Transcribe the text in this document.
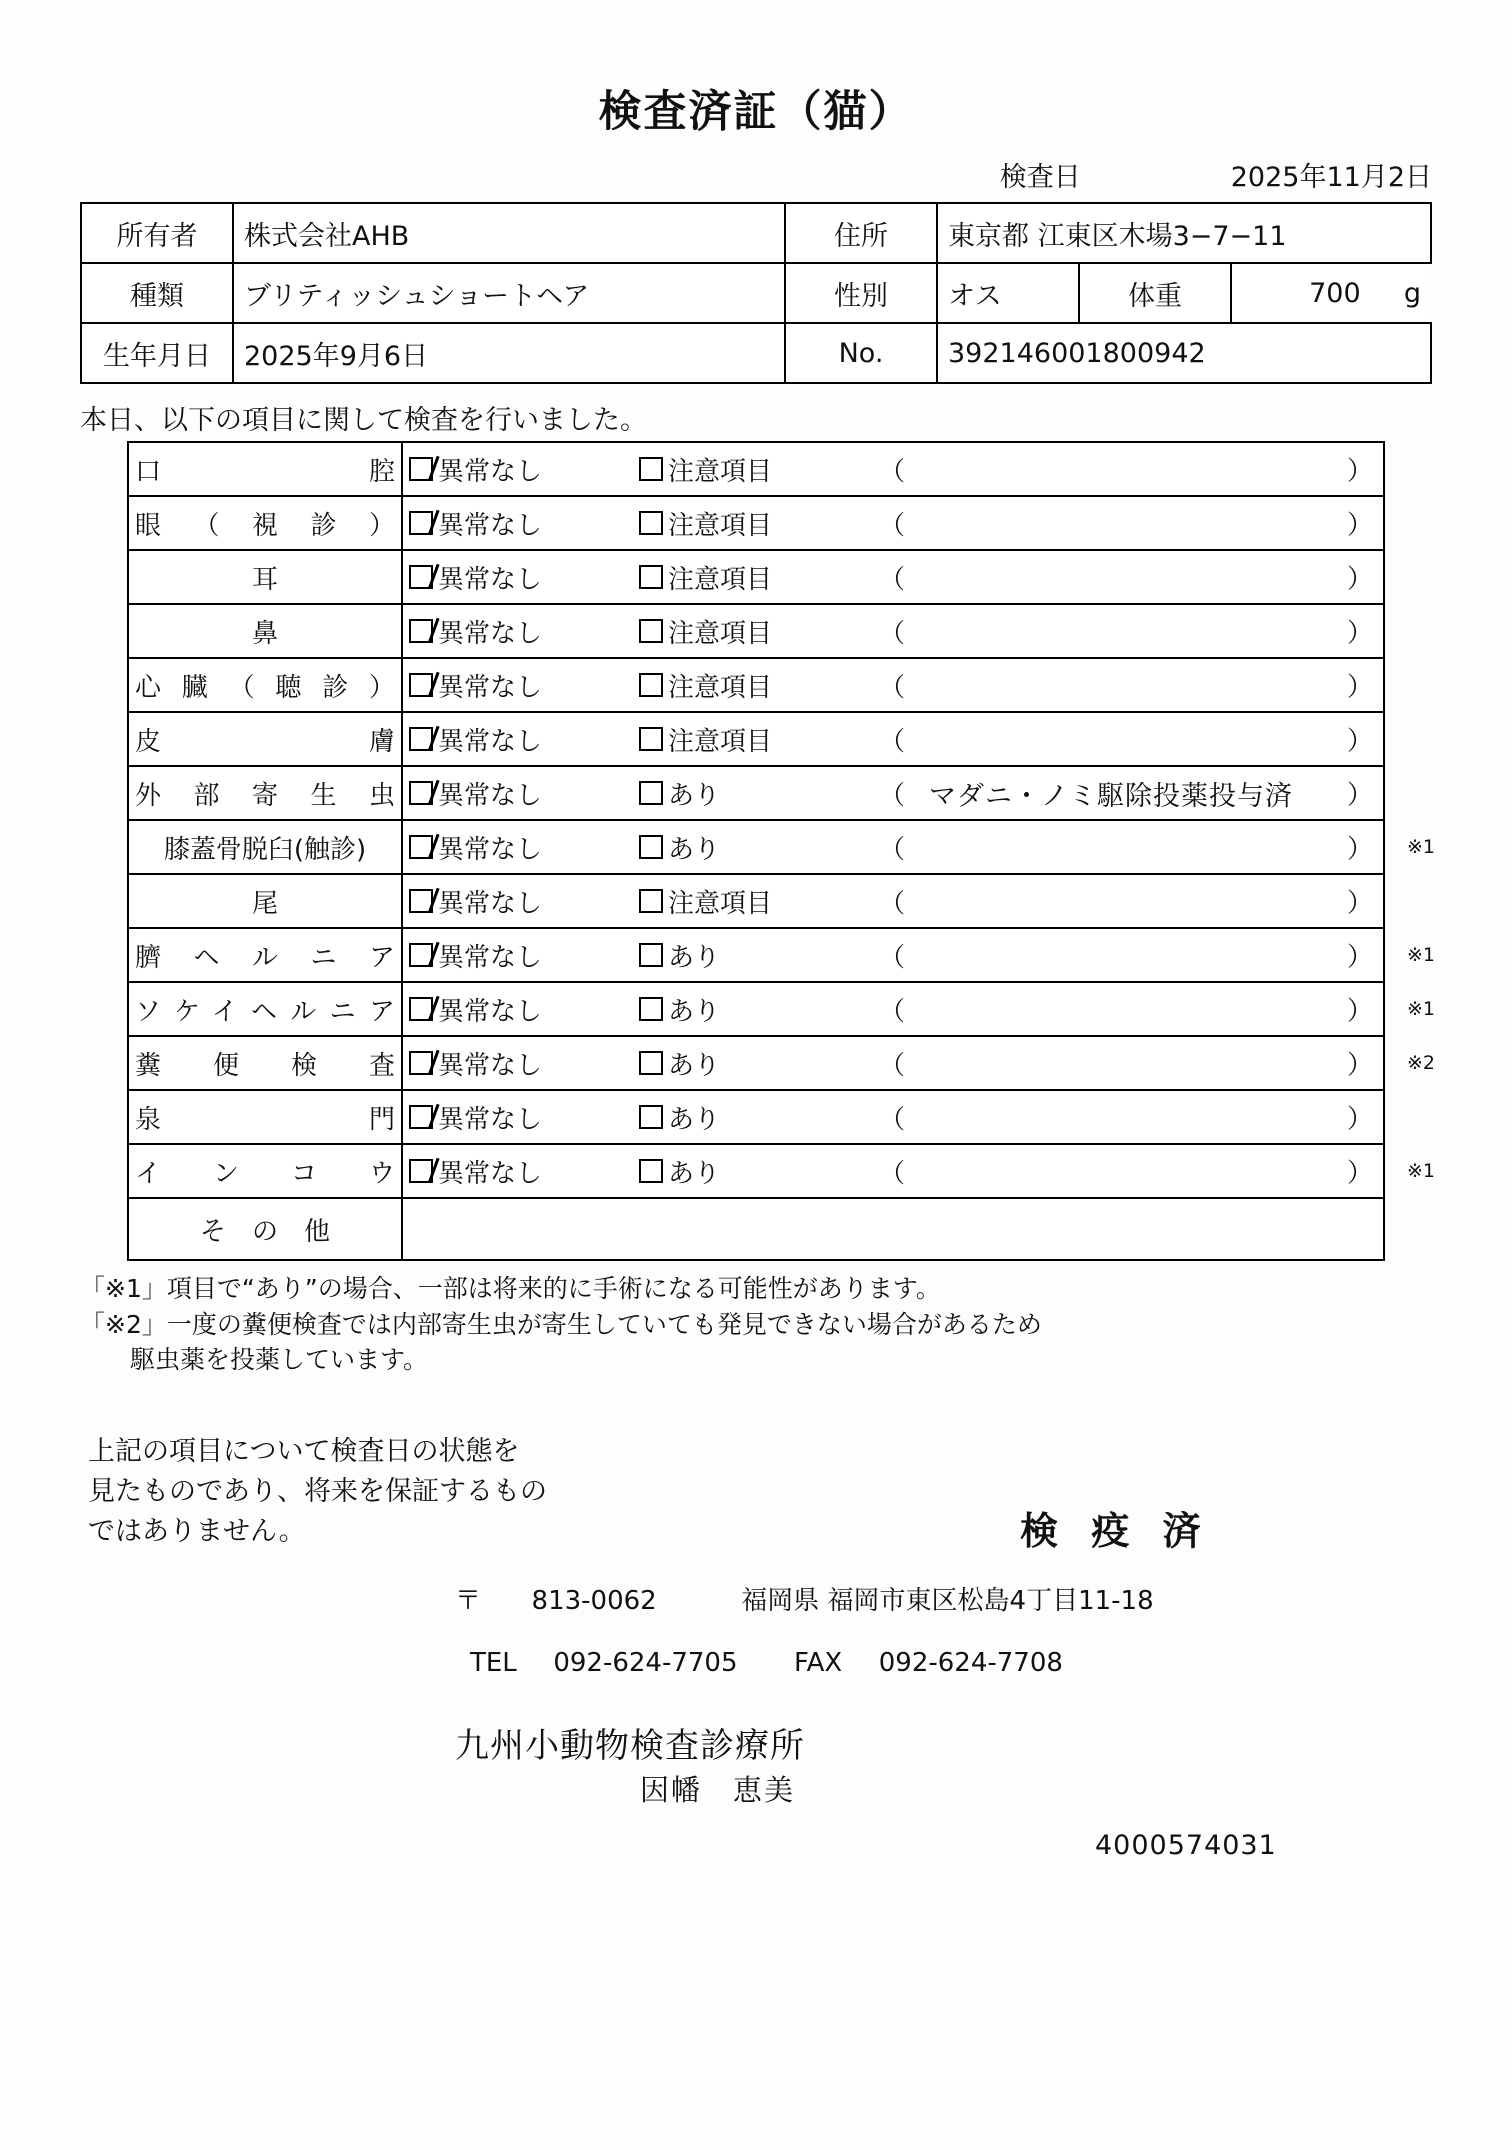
検査済証（猫）
検査日	2025年11月2日
所有者	株式会社AHB	住所	東京都 江東区木場3−7−11
種類	ブリティッシュショートヘア	性別	オス	体重	700 g

生年月日	2025年9月6日	No.	392146001800942
本日、以下の項目に関して検査を行いました。
口　　　　　　腔	異常なし 注意項目 （ ）

眼 （ 視 診 ）	異常なし 注意項目 （ ）

耳	異常なし 注意項目 （ ）

鼻	異常なし 注意項目 （ ）

心 臓 （ 聴 診 ）	異常なし 注意項目 （ ）

皮　　　　　　膚	異常なし 注意項目 （ ）

外 部 寄 生 虫	異常なし あり （ マダニ・ノミ駆除投薬投与済 ）

膝蓋骨脱臼(触診)	異常なし あり （ ） ※1

尾	異常なし 注意項目 （ ）

臍 ヘ ル ニ ア	異常なし あり （ ） ※1

ソケイヘルニア	異常なし あり （ ） ※1

糞 便 検 査	異常なし あり （ ） ※2

泉　　　　　門	異常なし あり （ ）

イ ン コ ウ	異常なし あり （ ） ※1

そ　の　他	
「※1」項目で“あり”の場合、一部は将来的に手術になる可能性があります。
「※2」一度の糞便検査では内部寄生虫が寄生していても発見できない場合があるため
駆虫薬を投薬しています。
上記の項目について検査日の状態を
見たものであり、将来を保証するもの
ではありません。	検 疫 済
〒 813-0062	福岡県 福岡市東区松島4丁目11-18
TEL 092-624-7705 FAX 092-624-7708
九州小動物検査診療所
因幡　恵美
4000574031
